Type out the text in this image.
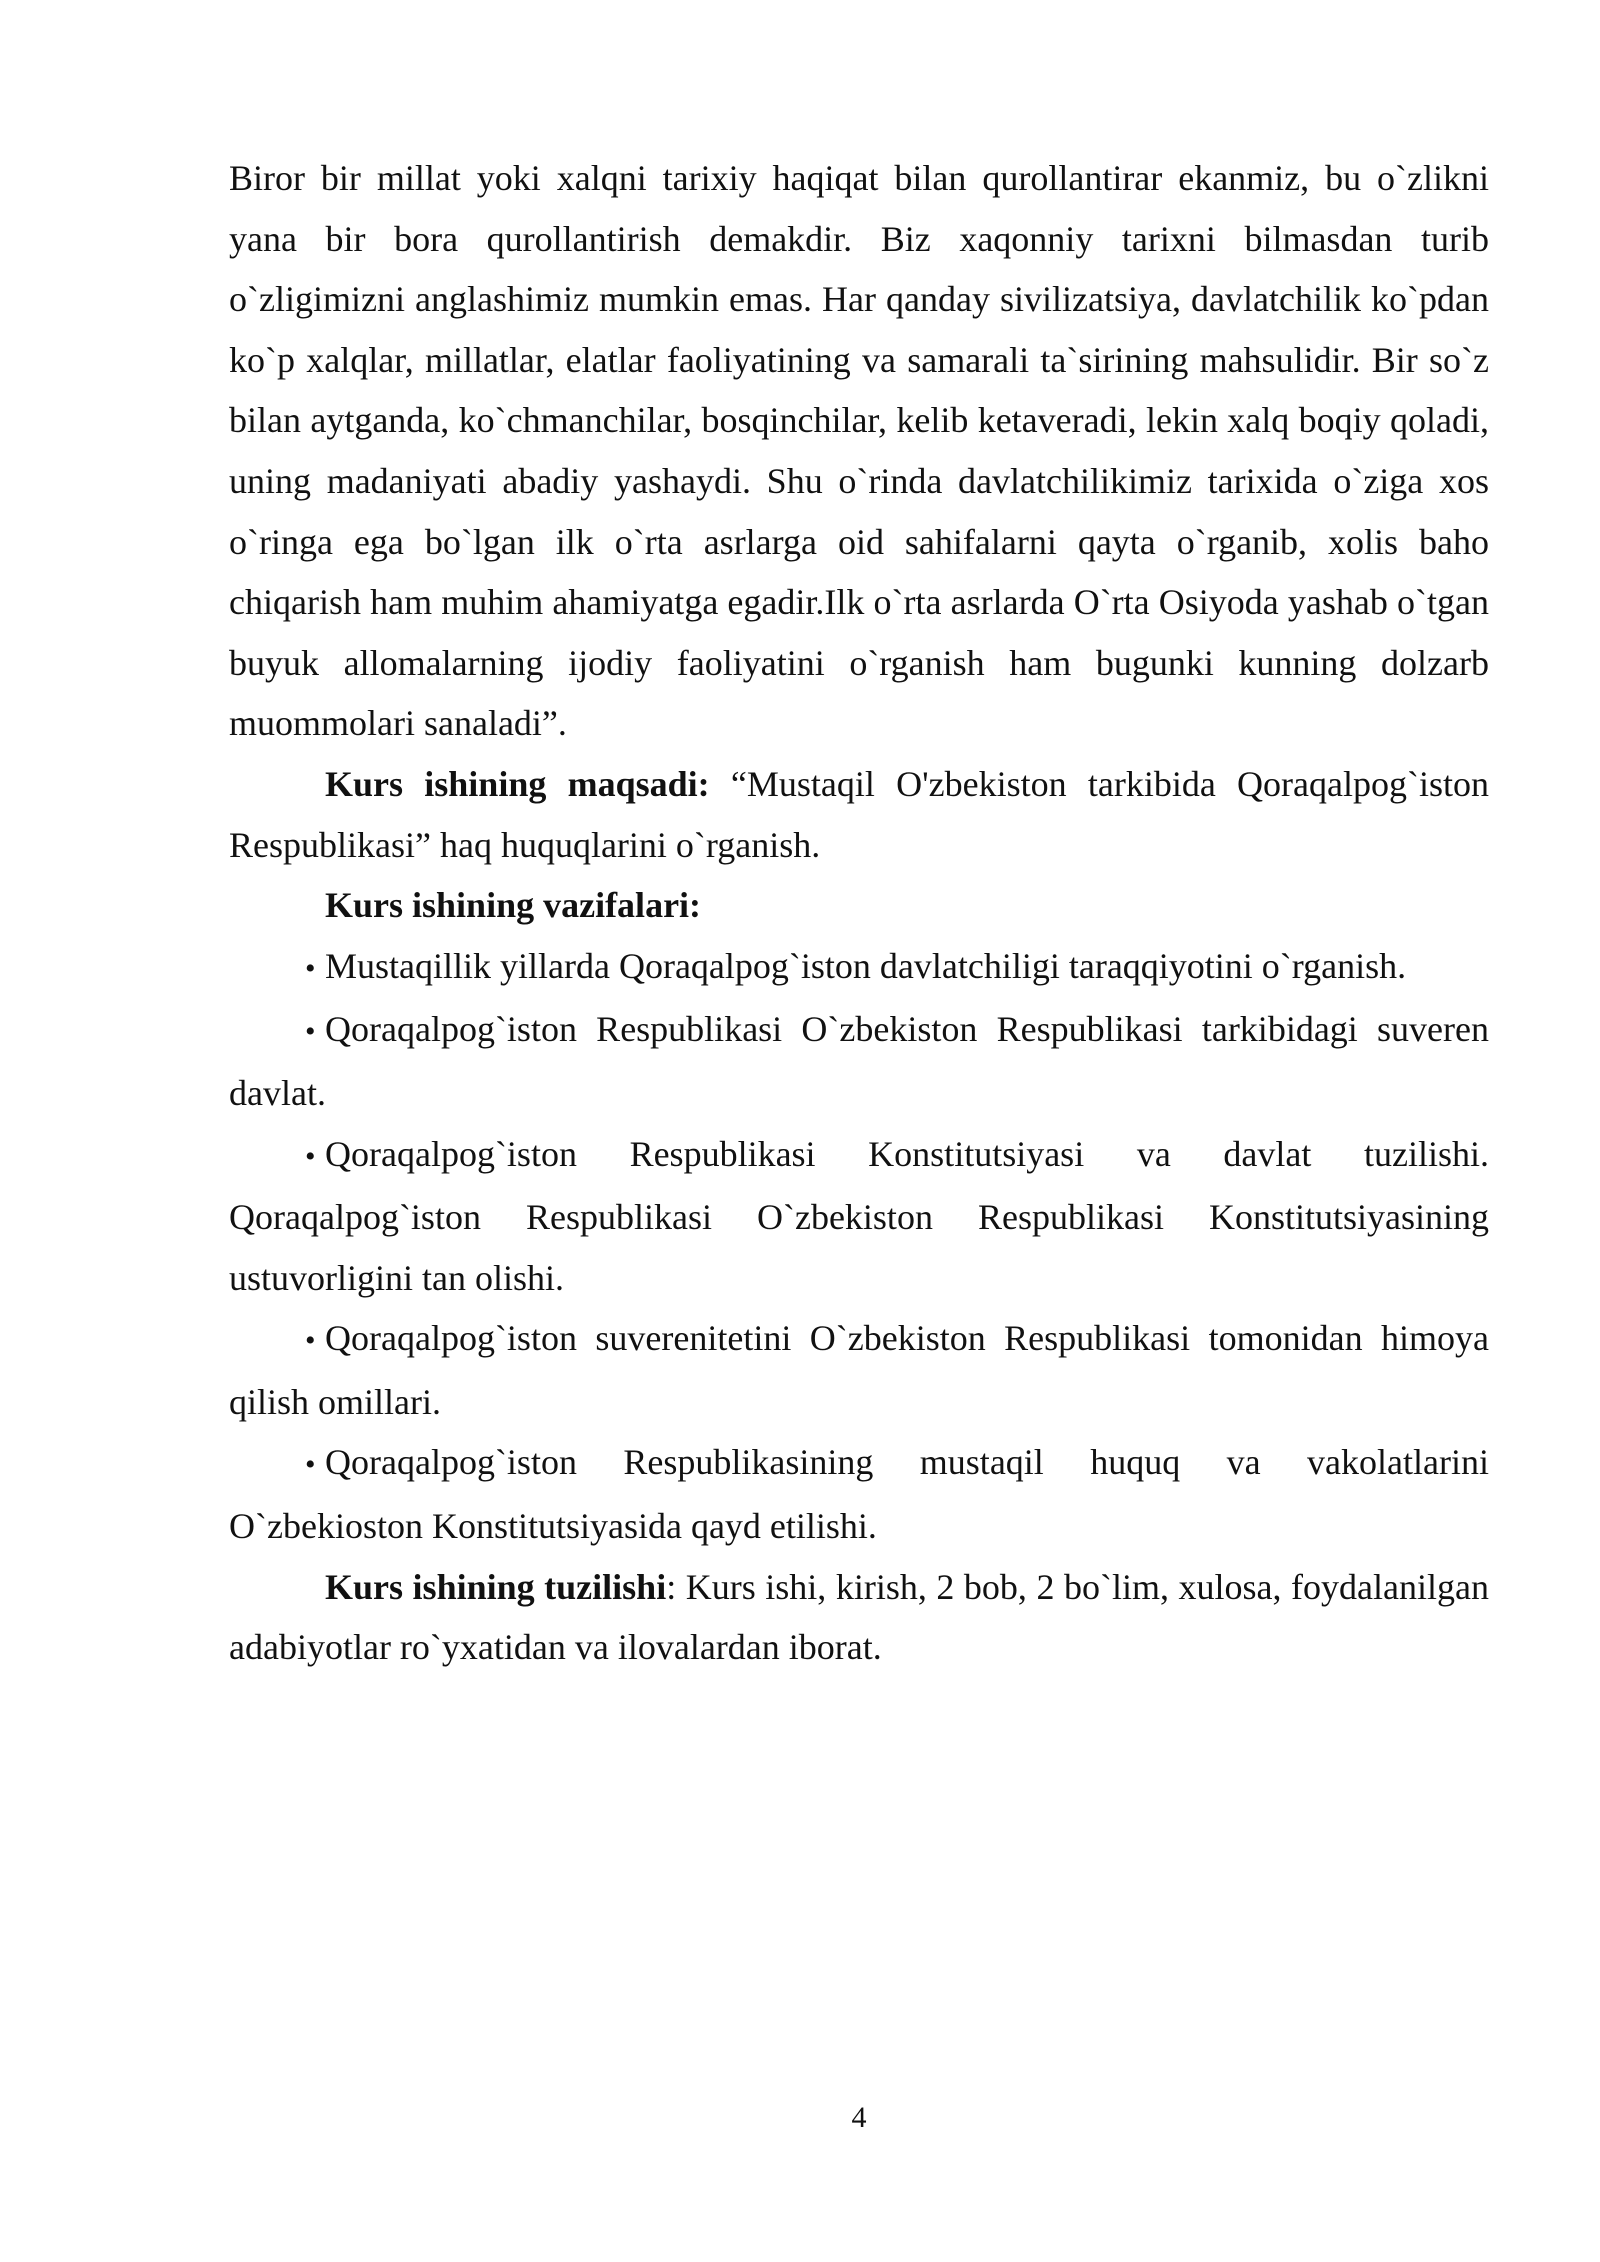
Biror bir millat yoki xalqni tarixiy haqiqat bilan qurollantirar ekanmiz, bu o`zlikni yana bir bora qurollantirish demakdir. Biz xaqonniy tarixni bilmasdan turib o`zligimizni anglashimiz mumkin emas. Har qanday sivilizatsiya, davlatchilik ko`pdan ko`p xalqlar, millatlar, elatlar faoliyatining va samarali ta`sirining mahsulidir. Bir so`z bilan aytganda, ko`chmanchilar, bosqinchilar, kelib ketaveradi, lekin xalq boqiy qoladi, uning madaniyati abadiy yashaydi. Shu o`rinda davlatchilikimiz tarixida o`ziga xos o`ringa ega bo`lgan ilk o`rta asrlarga oid sahifalarni qayta o`rganib, xolis baho chiqarish ham muhim ahamiyatga egadir.Ilk o`rta asrlarda O`rta Osiyoda yashab o`tgan buyuk allomalarning ijodiy faoliyatini o`rganish ham bugunki kunning dolzarb muommolari sanaladi”.

Kurs ishining maqsadi: “Mustaqil O'zbekiston tarkibida Qoraqalpog`iston Respublikasi” haq huquqlarini o`rganish.

Kurs ishining vazifalari:

• Mustaqillik yillarda Qoraqalpog`iston davlatchiligi taraqqiyotini o`rganish.

• Qoraqalpog`iston Respublikasi O`zbekiston Respublikasi tarkibidagi suveren davlat.

• Qoraqalpog`iston Respublikasi Konstitutsiyasi va davlat tuzilishi. Qoraqalpog`iston Respublikasi O`zbekiston Respublikasi Konstitutsiyasining ustuvorligini tan olishi.

• Qoraqalpog`iston suverenitetini O`zbekiston Respublikasi tomonidan himoya qilish omillari.

• Qoraqalpog`iston Respublikasining mustaqil huquq va vakolatlarini O`zbekioston Konstitutsiyasida qayd etilishi.

Kurs ishining tuzilishi: Kurs ishi, kirish, 2 bob, 2 bo`lim, xulosa, foydalanilgan adabiyotlar ro`yxatidan va ilovalardan iborat.

4
